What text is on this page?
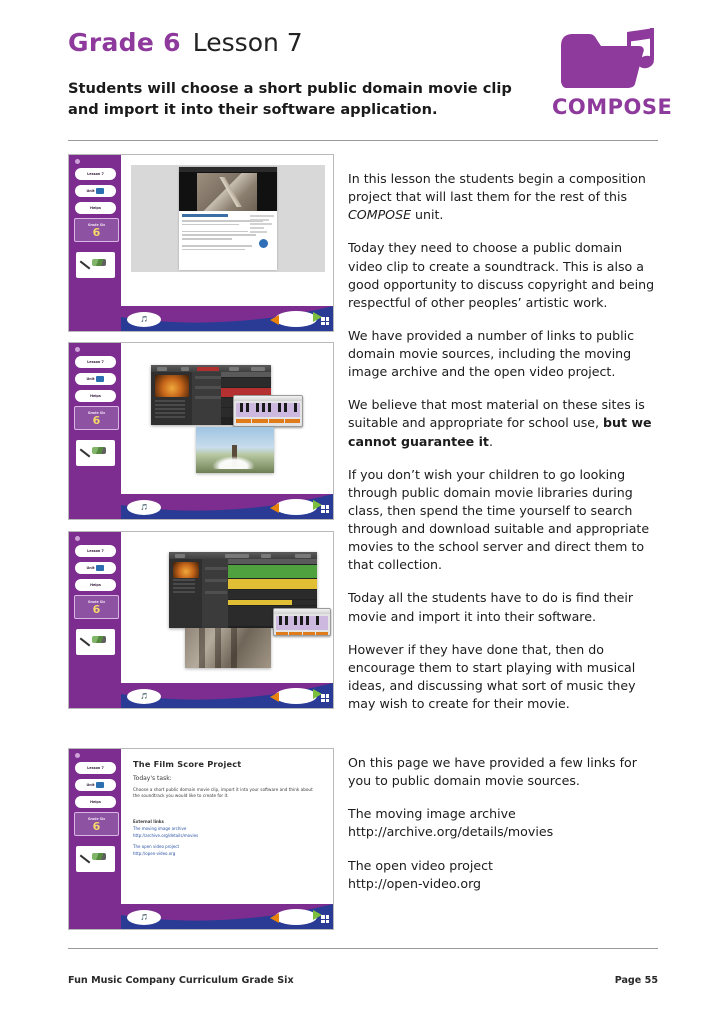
Grade 6 Lesson 7
Students will choose a short public domain movie clip and import it into their software application.	COMPOSE
Lesson 7
Unit
Helps
Grade Six
6
🎵
Lesson 7
Unit
Helps
Grade Six
6
🎵
Lesson 7
Unit
Helps
Grade Six
6
🎵
Lesson 7
Unit
Helps
Grade Six
6
The Film Score Project
Today's task:
Choose a short public domain movie clip, import it into your software and think about the soundtrack you would like to create for it.
External links
The moving image archive
http://archive.org/details/movies
The open video project
http://open-video.org
🎵

In this lesson the students begin a composition project that will last them for the rest of this COMPOSE unit.

Today they need to choose a public domain video clip to create a soundtrack. This is also a good opportunity to discuss copyright and being respectful of other peoples’ artistic work.

We have provided a number of links to public domain movie sources, including the moving image archive and the open video project.

We believe that most material on these sites is suitable and appropriate for school use, but we cannot guarantee it.

If you don’t wish your children to go looking through public domain movie libraries during class, then spend the time yourself to search through and download suitable and appropriate movies to the school server and direct them to that collection.

Today all the students have to do is find their movie and import it into their software.

However if they have done that, then do encourage them to start playing with musical ideas, and discussing what sort of music they may wish to create for their movie.

On this page we have provided a few links for you to public domain movie sources.

The moving image archive
http://archive.org/details/movies

The open video project
http://open-video.org

Fun Music Company Curriculum Grade Six	Page 55
